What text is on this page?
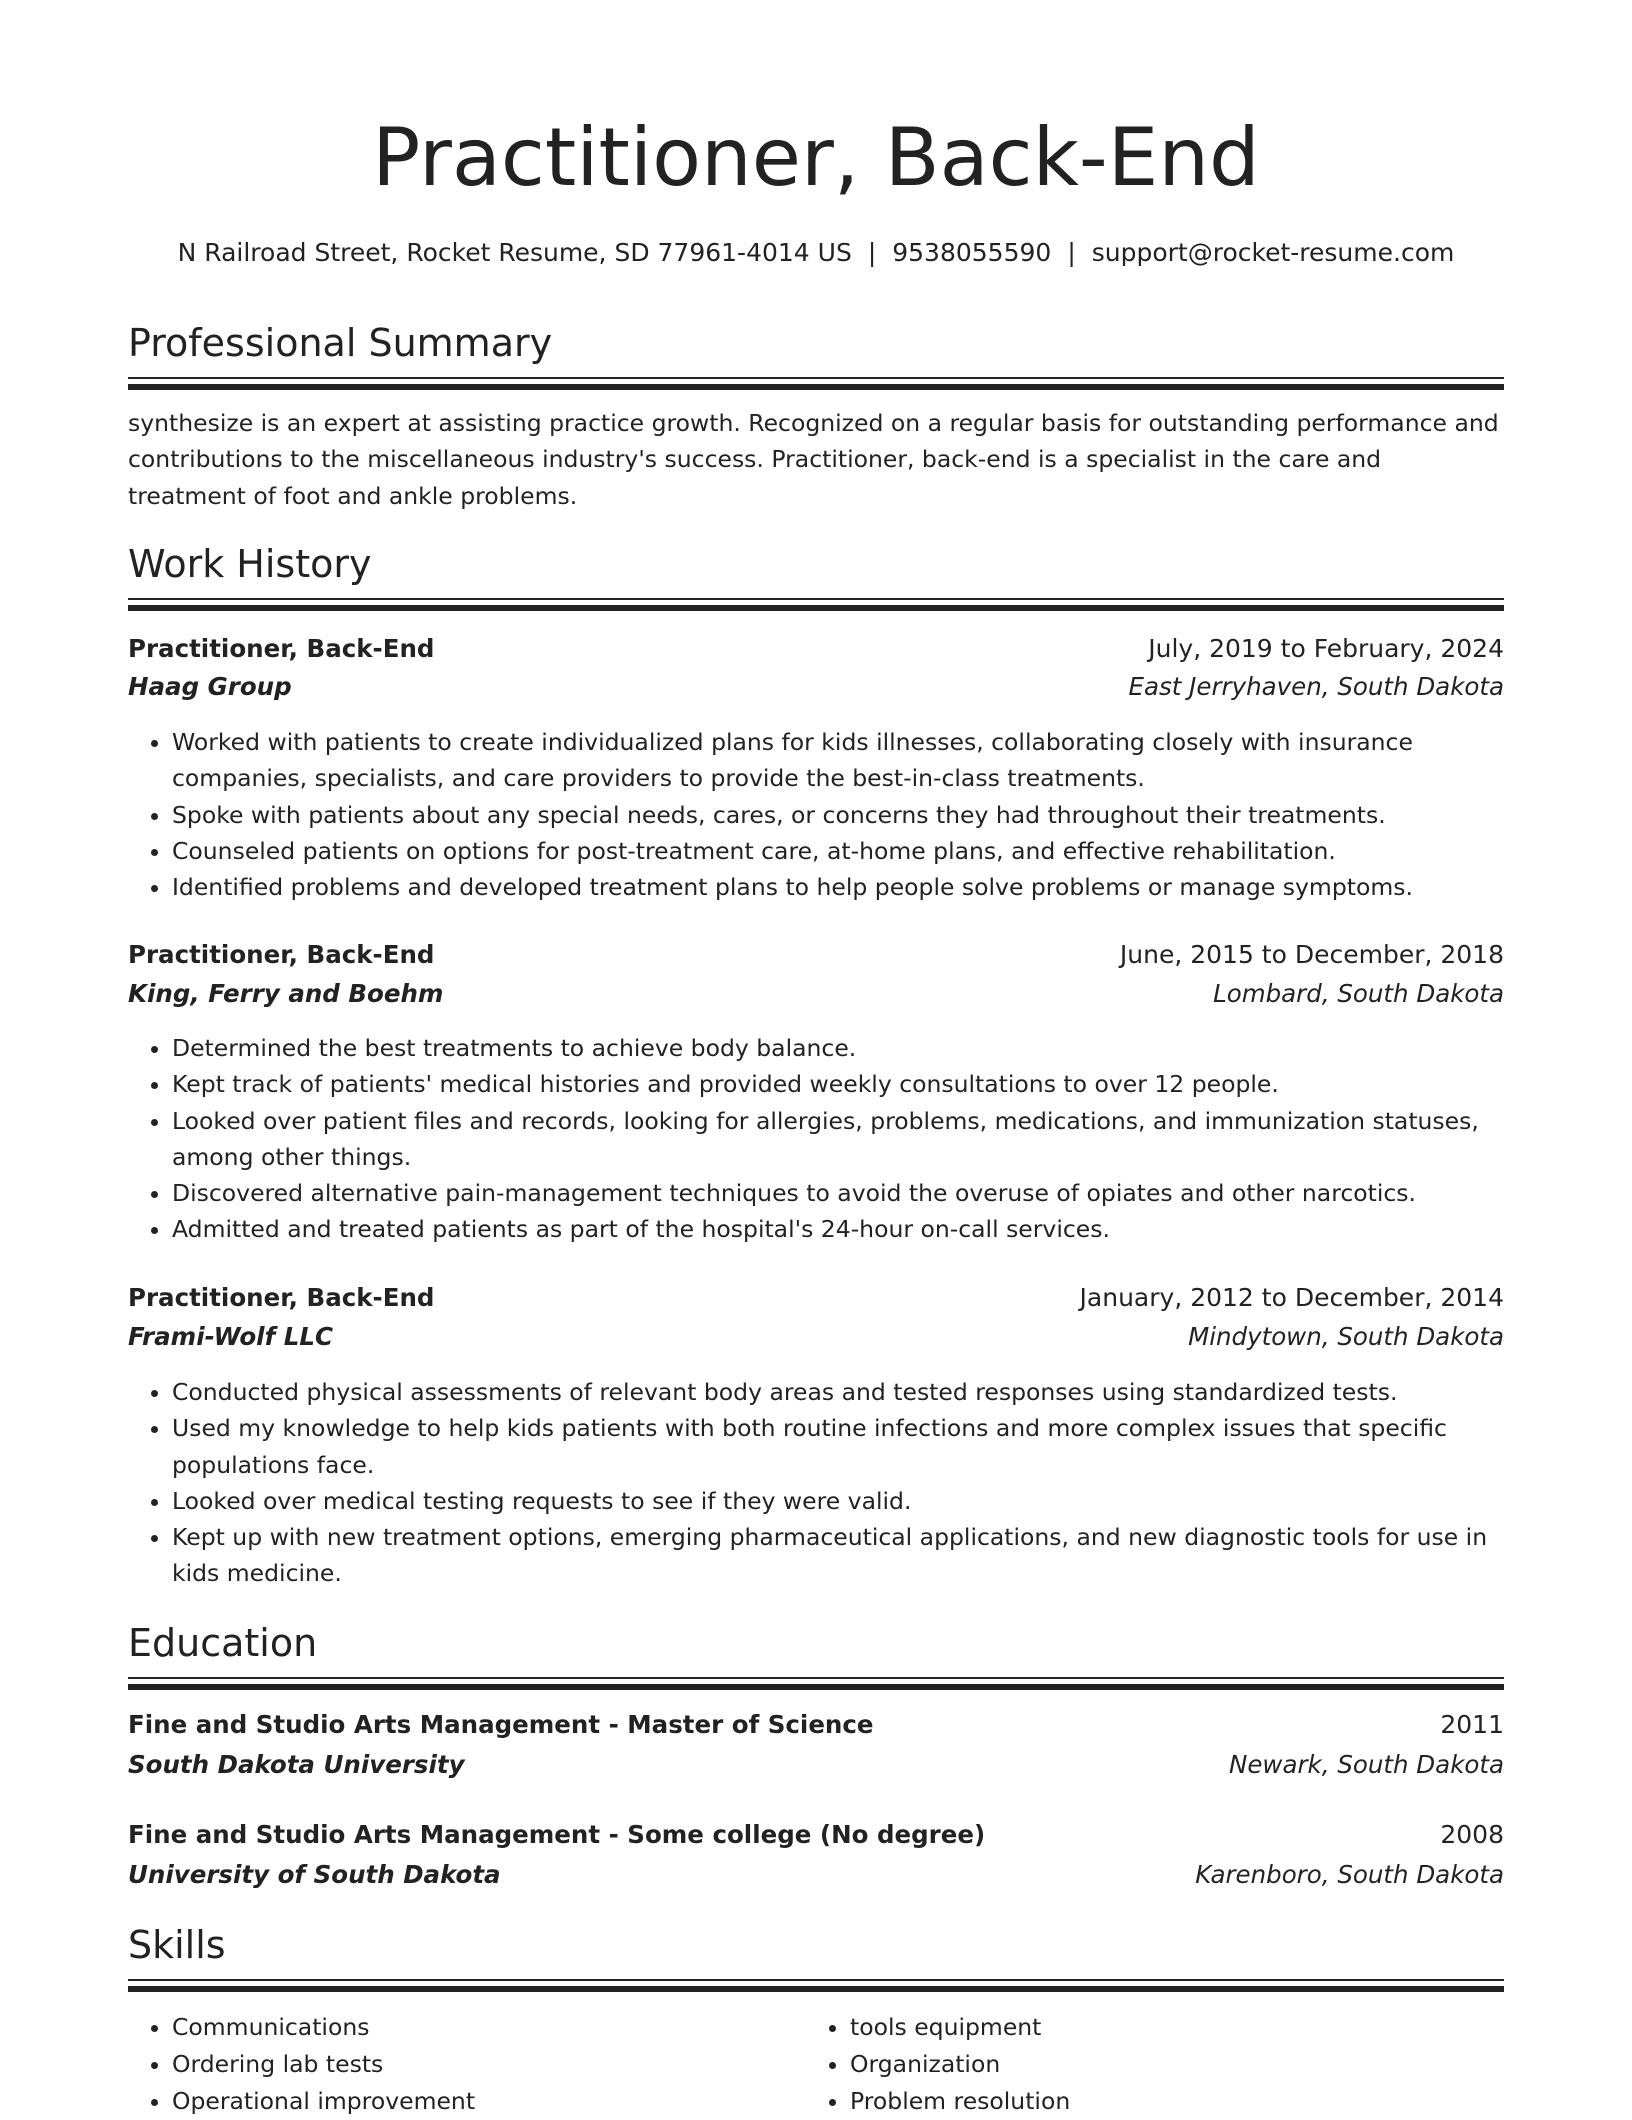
Practitioner, Back-End
N Railroad Street, Rocket Resume, SD 77961-4014 US | 9538055590 | support@rocket-resume.com
Professional Summary
synthesize is an expert at assisting practice growth. Recognized on a regular basis for outstanding performance and contributions to the miscellaneous industry's success. Practitioner, back-end is a specialist in the care and treatment of foot and ankle problems.
Work History
Practitioner, Back-End	July, 2019 to February, 2024
Haag Group	East Jerryhaven, South Dakota
• Worked with patients to create individualized plans for kids illnesses, collaborating closely with insurance companies, specialists, and care providers to provide the best-in-class treatments.
• Spoke with patients about any special needs, cares, or concerns they had throughout their treatments.
• Counseled patients on options for post-treatment care, at-home plans, and effective rehabilitation.
• Identified problems and developed treatment plans to help people solve problems or manage symptoms.
Practitioner, Back-End	June, 2015 to December, 2018
King, Ferry and Boehm	Lombard, South Dakota
• Determined the best treatments to achieve body balance.
• Kept track of patients' medical histories and provided weekly consultations to over 12 people.
• Looked over patient files and records, looking for allergies, problems, medications, and immunization statuses, among other things.
• Discovered alternative pain-management techniques to avoid the overuse of opiates and other narcotics.
• Admitted and treated patients as part of the hospital's 24-hour on-call services.
Practitioner, Back-End	January, 2012 to December, 2014
Frami-Wolf LLC	Mindytown, South Dakota
• Conducted physical assessments of relevant body areas and tested responses using standardized tests.
• Used my knowledge to help kids patients with both routine infections and more complex issues that specific populations face.
• Looked over medical testing requests to see if they were valid.
• Kept up with new treatment options, emerging pharmaceutical applications, and new diagnostic tools for use in kids medicine.
Education
Fine and Studio Arts Management - Master of Science	2011
South Dakota University	Newark, South Dakota
Fine and Studio Arts Management - Some college (No degree)	2008
University of South Dakota	Karenboro, South Dakota
Skills
• Communications
• Ordering lab tests
• Operational improvement
• tools equipment
• Organization
• Problem resolution
